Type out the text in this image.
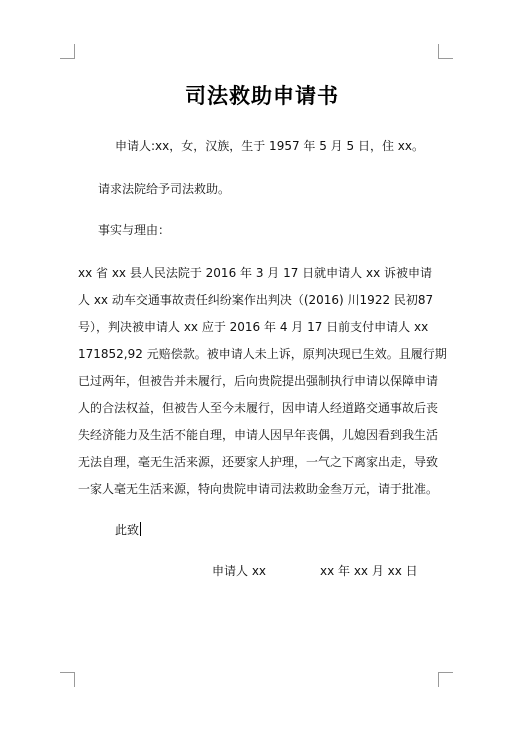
司法救助申请书
申请人:xx，女，汉族，生于 1957 年 5 月 5 日，住 xx。
请求法院给予司法救助。
事实与理由：
xx 省 xx 县人民法院于 2016 年 3 月 17 日就申请人 xx 诉被申请
人 xx 动车交通事故责任纠纷案作出判决（(2016) 川1922 民初87
号），判决被申请人 xx 应于 2016 年 4 月 17 日前支付申请人 xx
171852,92 元赔偿款。被申请人未上诉，原判决现已生效。且履行期
已过两年，但被告并未履行，后向贵院提出强制执行申请以保障申请
人的合法权益，但被告人至今未履行，因申请人经道路交通事故后丧
失经济能力及生活不能自理，申请人因早年丧偶，儿媳因看到我生活
无法自理，毫无生活来源，还要家人护理，一气之下离家出走，导致
一家人毫无生活来源，特向贵院申请司法救助金叁万元，请于批准。
此致
申请人 xx	xx 年 xx 月 xx 日
